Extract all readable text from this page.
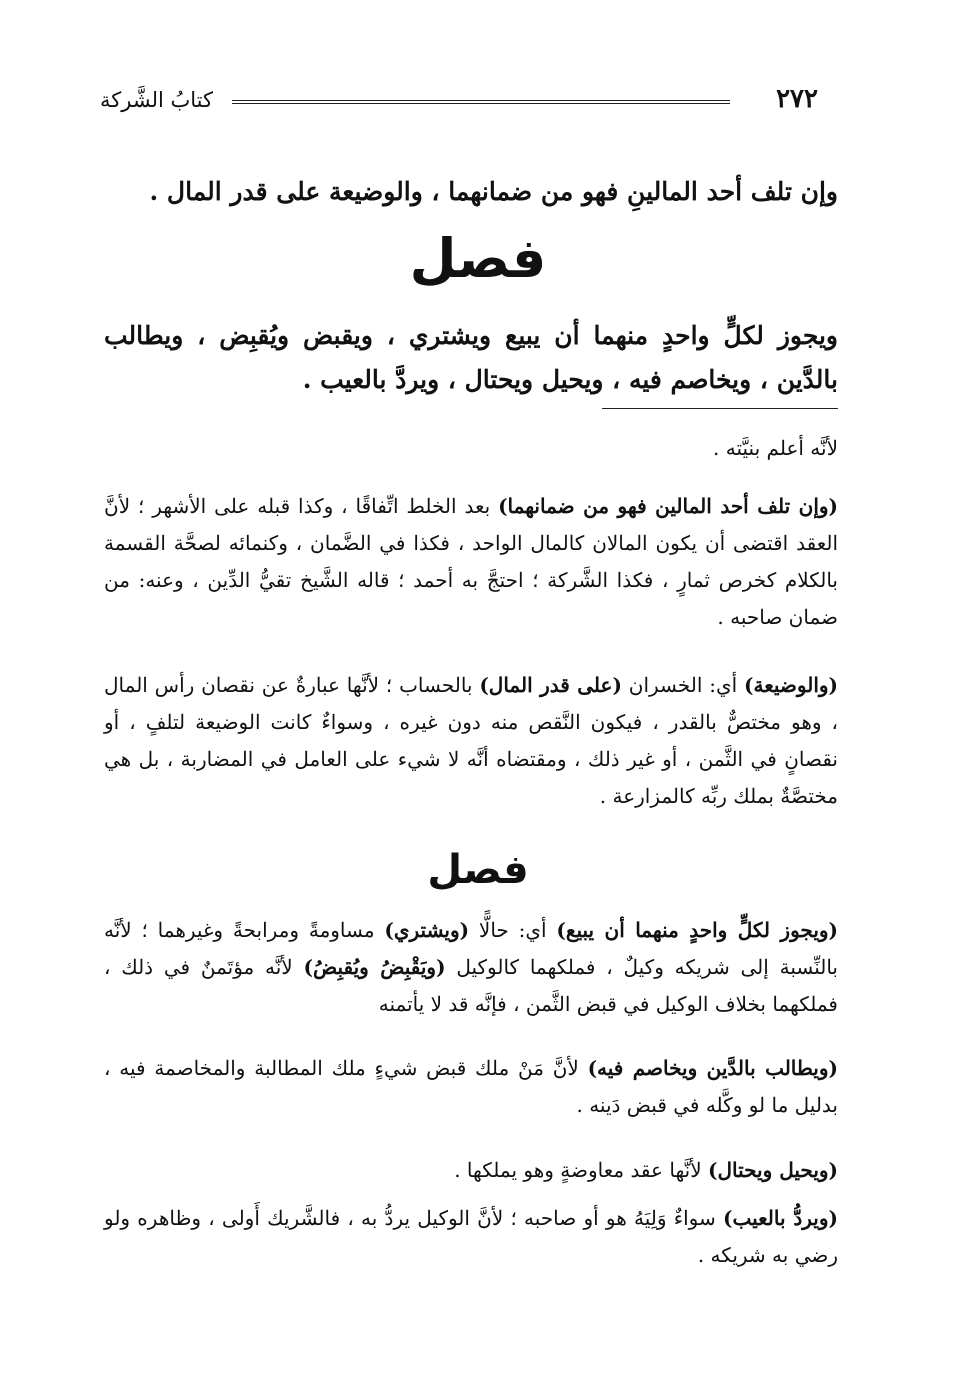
٢٧٢
كتابُ الشَّركة
وإن تلف أحد المالينِ فهو من ضمانهما ، والوضيعة على قدر المال .
فصل
ويجوز لكلٍّ واحدٍ منهما أن يبيع ويشتري ، ويقبض ويُقبِض ، ويطالب بالدَّين ، ويخاصم فيه ، ويحيل ويحتال ، ويردَّ بالعيب .
لأنَّه أعلم بنيَّته .
(وإن تلف أحد المالين فهو من ضمانهما) بعد الخلط اتِّفاقًا ، وكذا قبله على الأشهر ؛ لأنَّ العقد اقتضى أن يكون المالان كالمال الواحد ، فكذا في الضَّمان ، وكنمائه لصحَّة القسمة بالكلام كخرص ثمارٍ ، فكذا الشَّركة ؛ احتجَّ به أحمد ؛ قاله الشَّيخ تقيُّ الدِّين ، وعنه: من ضمان صاحبه .
(والوضيعة) أي: الخسران (على قدر المال) بالحساب ؛ لأنَّها عبارةٌ عن نقصان رأس المال ، وهو مختصٌّ بالقدر ، فيكون النَّقص منه دون غيره ، وسواءٌ كانت الوضيعة لتلفٍ ، أو نقصانٍ في الثَّمن ، أو غير ذلك ، ومقتضاه أنَّه لا شيء على العامل في المضاربة ، بل هي مختصَّةٌ بملك ربِّه كالمزارعة .
فصل
(ويجوز لكلٍّ واحدٍ منهما أن يبيع) أي: حالًّا (ويشتري) مساومةً ومرابحةً وغيرهما ؛ لأنَّه بالنِّسبة إلى شريكه وكيلٌ ، فملكهما كالوكيل (ويَقْبِضُ ويُقبِضُ) لأنَّه مؤتَمنٌ في ذلك ، فملكهما بخلاف الوكيل في قبض الثَّمن ، فإنَّه قد لا يأتمنه
(ويطالب بالدَّين ويخاصم فيه) لأنَّ مَنْ ملك قبض شيءٍ ملك المطالبة والمخاصمة فيه ، بدليل ما لو وكَّله في قبض دَينه .
(ويحيل ويحتال) لأنَّها عقد معاوضةٍ وهو يملكها .
(ويردُّ بالعيب) سواءٌ وَلِيَهُ هو أو صاحبه ؛ لأنَّ الوكيل يردُّ به ، فالشَّريك أَولى ، وظاهره ولو رضي به شريكه .
